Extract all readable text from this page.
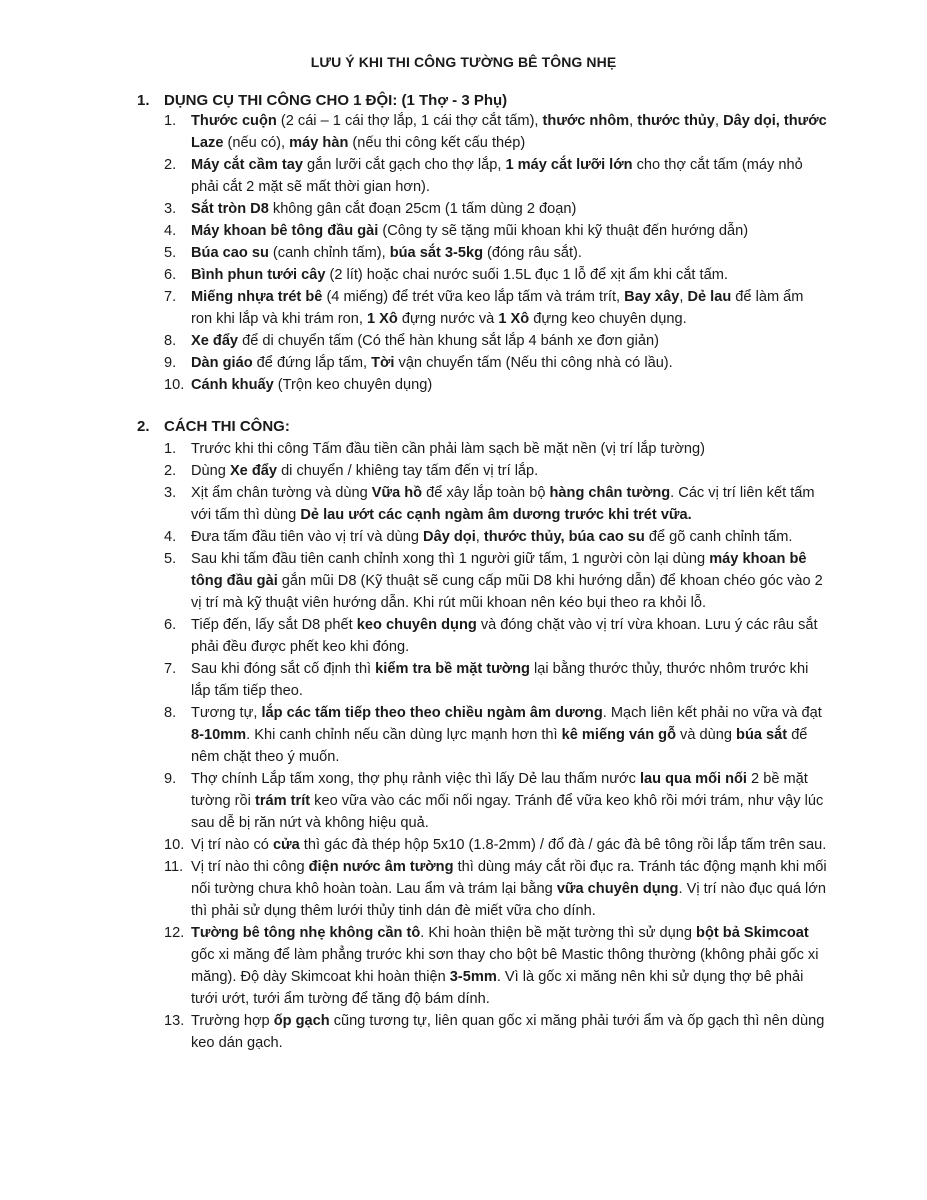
LƯU Ý KHI THI CÔNG TƯỜNG BÊ TÔNG NHẸ
1. DỤNG CỤ THI CÔNG CHO 1 ĐỘI: (1 Thợ - 3 Phụ)
1. Thước cuộn (2 cái – 1 cái thợ lắp, 1 cái thợ cắt tấm), thước nhôm, thước thủy, Dây dọi, thước Laze (nếu có), máy hàn (nếu thi công kết cấu thép)
2. Máy cắt cầm tay gắn lưỡi cắt gạch cho thợ lắp, 1 máy cắt lưỡi lớn cho thợ cắt tấm (máy nhỏ phải cắt 2 mặt sẽ mất thời gian hơn).
3. Sắt tròn D8 không gân cắt đoạn 25cm (1 tấm dùng 2 đoạn)
4. Máy khoan bê tông đầu gài (Công ty sẽ tặng mũi khoan khi kỹ thuật đến hướng dẫn)
5. Búa cao su (canh chỉnh tấm), búa sắt 3-5kg (đóng râu sắt).
6. Bình phun tưới cây (2 lít) hoặc chai nước suối 1.5L đục 1 lỗ để xịt ẩm khi cắt tấm.
7. Miếng nhựa trét bê (4 miếng) để trét vữa keo lắp tấm và trám trít, Bay xây, Dẻ lau để làm ẩm ron khi lắp và khi trám ron, 1 Xô đựng nước và 1 Xô đựng keo chuyên dụng.
8. Xe đẩy để di chuyển tấm (Có thể hàn khung sắt lắp 4 bánh xe đơn giản)
9. Dàn giáo để đứng lắp tấm, Tời vận chuyển tấm (Nếu thi công nhà có lầu).
10. Cánh khuấy (Trộn keo chuyên dụng)
2. CÁCH THI CÔNG:
1. Trước khi thi công Tấm đầu tiền cần phải làm sạch bề mặt nền (vị trí lắp tường)
2. Dùng Xe đẩy di chuyển / khiêng tay tấm đến vị trí lắp.
3. Xịt ẩm chân tường và dùng Vữa hồ để xây lắp toàn bộ hàng chân tường. Các vị trí liên kết tấm với tấm thì dùng Dẻ lau ướt các cạnh ngàm âm dương trước khi trét vữa.
4. Đưa tấm đầu tiên vào vị trí và dùng Dây dọi, thước thủy, búa cao su để gõ canh chỉnh tấm.
5. Sau khi tấm đầu tiên canh chỉnh xong thì 1 người giữ tấm, 1 người còn lại dùng máy khoan bê tông đầu gài gắn mũi D8 (Kỹ thuật sẽ cung cấp mũi D8 khi hướng dẫn) để khoan chéo góc vào 2 vị trí mà kỹ thuật viên hướng dẫn. Khi rút mũi khoan nên kéo bụi theo ra khỏi lỗ.
6. Tiếp đến, lấy sắt D8 phết keo chuyên dụng và đóng chặt vào vị trí vừa khoan. Lưu ý các râu sắt phải đều được phết keo khi đóng.
7. Sau khi đóng sắt cố định thì kiểm tra bề mặt tường lại bằng thước thủy, thước nhôm trước khi lắp tấm tiếp theo.
8. Tương tự, lắp các tấm tiếp theo theo chiều ngàm âm dương. Mạch liên kết phải no vữa và đạt 8-10mm. Khi canh chỉnh nếu cần dùng lực mạnh hơn thì kê miếng ván gỗ và dùng búa sắt để nêm chặt theo ý muốn.
9. Thợ chính Lắp tấm xong, thợ phụ rảnh việc thì lấy Dẻ lau thấm nước lau qua mối nối 2 bề mặt tường rồi trám trít keo vữa vào các mối nối ngay. Tránh để vữa keo khô rồi mới trám, như vậy lúc sau dễ bị răn nứt và không hiệu quả.
10. Vị trí nào có cửa thì gác đà thép hộp 5x10 (1.8-2mm) / đổ đà / gác đà bê tông rồi lắp tấm trên sau.
11. Vị trí nào thi công điện nước âm tường thì dùng máy cắt rồi đục ra. Tránh tác động mạnh khi mối nối tường chưa khô hoàn toàn. Lau ẩm và trám lại bằng vữa chuyên dụng. Vị trí nào đục quá lớn thì phải sử dụng thêm lưới thủy tinh dán đè miết vữa cho dính.
12. Tường bê tông nhẹ không cần tô. Khi hoàn thiện bề mặt tường thì sử dụng bột bả Skimcoat gốc xi măng để làm phẳng trước khi sơn thay cho bột bê Mastic thông thường (không phải gốc xi măng). Độ dày Skimcoat khi hoàn thiện 3-5mm. Vì là gốc xi măng nên khi sử dụng thợ bê phải tưới ướt, tưới ẩm tường để tăng độ bám dính.
13. Trường hợp ốp gạch cũng tương tự, liên quan gốc xi măng phải tưới ẩm và ốp gạch thì nên dùng keo dán gạch.
